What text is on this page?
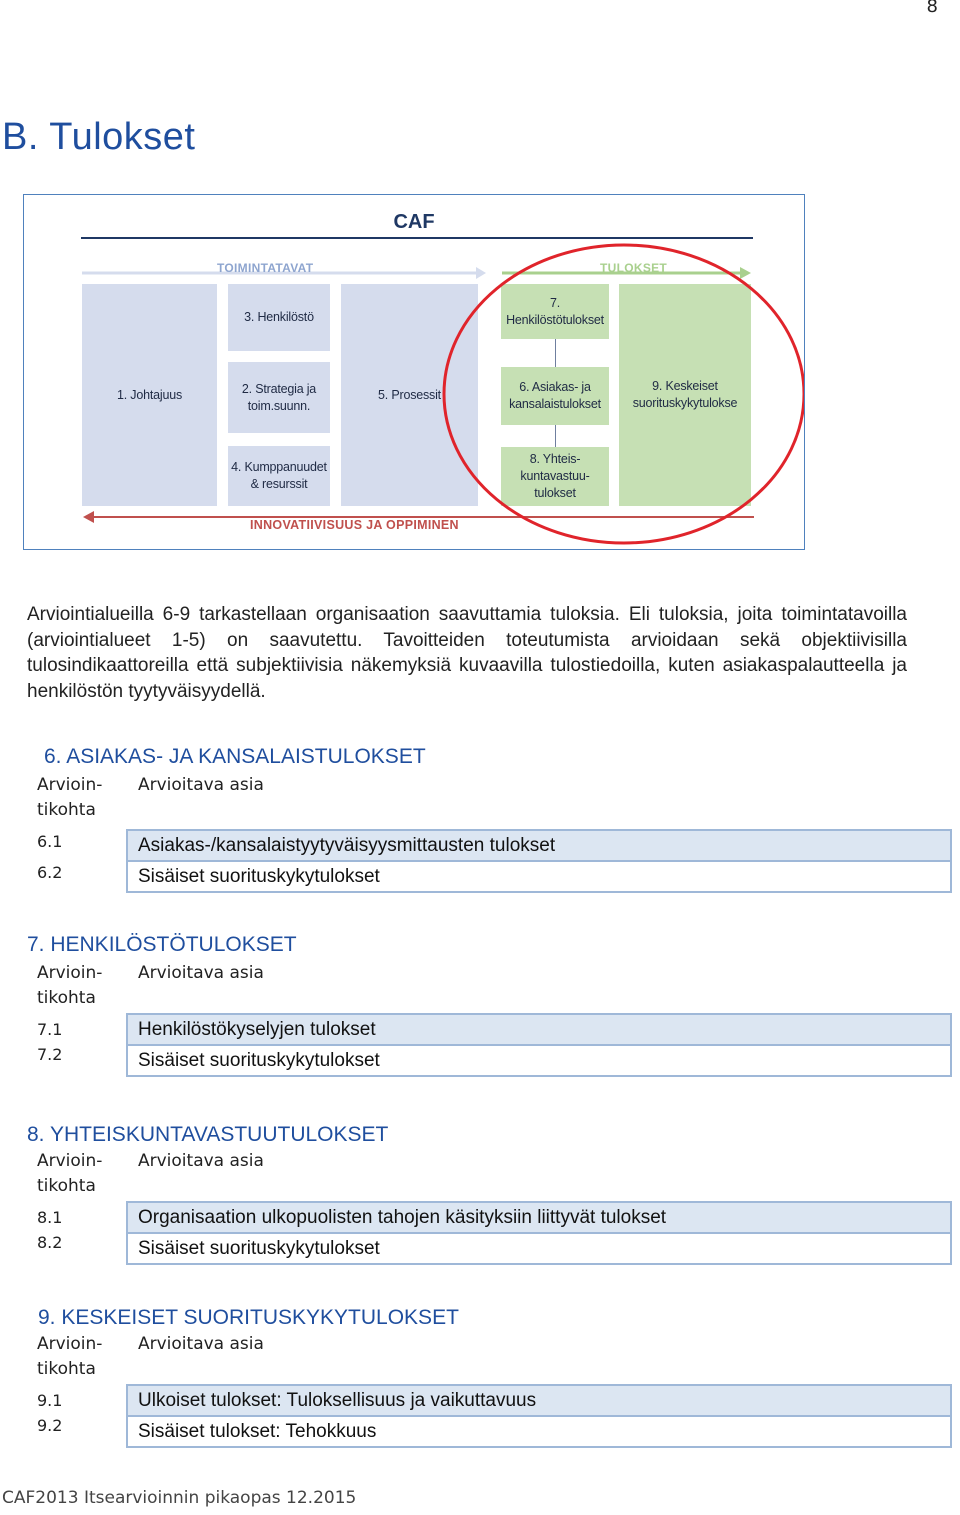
8
B. Tulokset
CAF
TOIMINTATAVAT	TULOKSET
1. Johtajuus
3. Henkilöstö
2. Strategia ja toim.suunn.
4. Kumppanuudet & resurssit
5. Prosessit
7. Henkilöstötulokset
6. Asiakas- ja kansalaistulokset
8. Yhteis-kuntavastuu-tulokset
9. Keskeiset suorituskykytulokse
INNOVATIIVISUUS JA OPPIMINEN
Arviointialueilla 6-9 tarkastellaan organisaation saavuttamia tuloksia. Eli tuloksia, joita toimintatavoilla (arviointialueet 1-5) on saavutettu. Tavoitteiden toteutumista arvioidaan sekä objektiivisilla tulosindikaattoreilla että subjektiivisia näkemyksiä kuvaavilla tulostiedoilla, kuten asiakaspalautteella ja henkilöstön tyytyväisyydellä.
6. ASIAKAS- JA KANSALAISTULOKSET
Arvioin-
tikohta
Arvioitava asia
6.1
6.2
Asiakas-/kansalaistyytyväisyysmittausten tulokset
Sisäiset suorituskykytulokset
7. HENKILÖSTÖTULOKSET
Arvioin-
tikohta
Arvioitava asia
7.1
7.2
Henkilöstökyselyjen tulokset
Sisäiset suorituskykytulokset
8. YHTEISKUNTAVASTUUTULOKSET
Arvioin-
tikohta
Arvioitava asia
8.1
8.2
Organisaation ulkopuolisten tahojen käsityksiin liittyvät tulokset
Sisäiset suorituskykytulokset
9. KESKEISET SUORITUSKYKYTULOKSET
Arvioin-
tikohta
Arvioitava asia
9.1
9.2
Ulkoiset tulokset: Tuloksellisuus ja vaikuttavuus
Sisäiset tulokset: Tehokkuus
CAF2013 Itsearvioinnin pikaopas 12.2015
